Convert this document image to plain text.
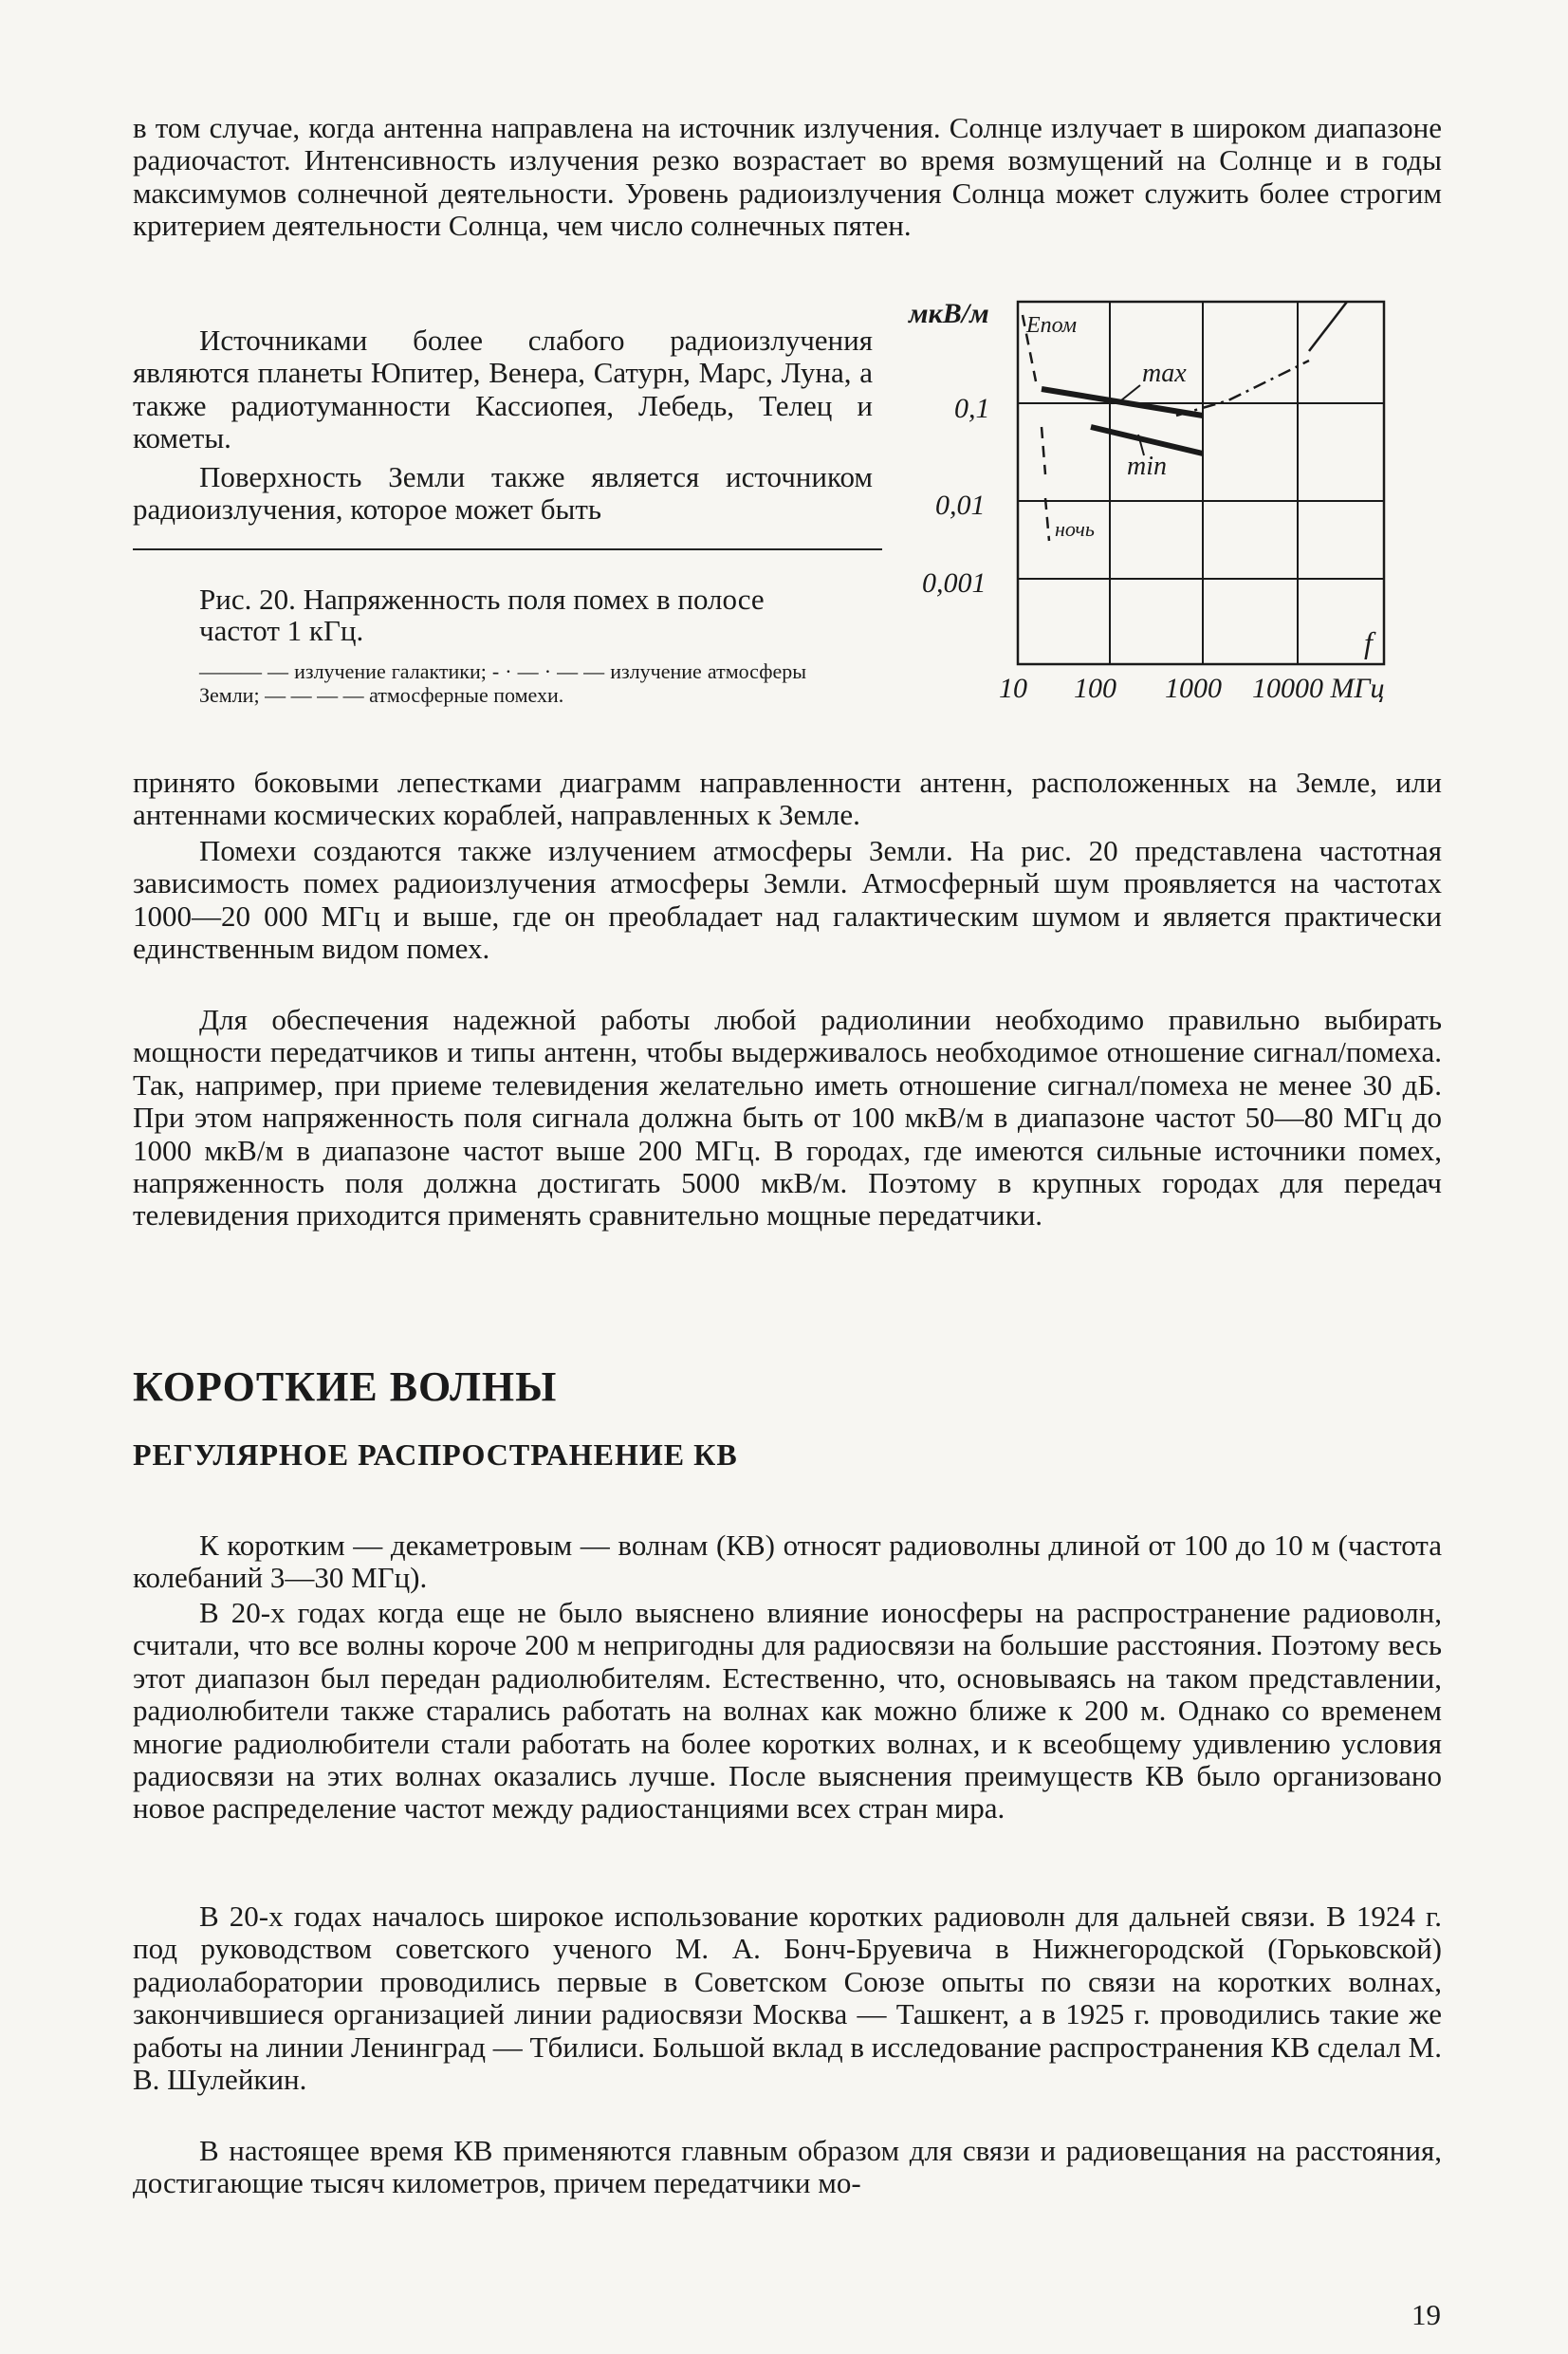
в том случае, когда антенна направлена на источник излучения. Солнце излучает в широком диапазоне радиочастот. Интенсивность излучения резко возрастает во время возмущений на Солнце и в годы максимумов солнечной деятельности. Уровень радиоизлучения Солнца может служить более строгим критерием деятельности Солнца, чем число солнечных пятен.

Источниками более слабого радиоизлучения являются планеты Юпитер, Венера, Сатурн, Марс, Луна, а также радиотуманности Кассиопея, Лебедь, Телец и кометы.

Поверхность Земли также является источником радиоизлучения, которое может быть

Рис. 20. Напряженность поля помех в полосе частот 1 кГц.

——— — излучение галактики; - · — · — — излучение атмосферы Земли; — — — — атмосферные помехи.

мкВ/м
0,1
0,01
0,001
10 100 1000 10000 МГц
f
Eпом
max
min
ночь

принято боковыми лепестками диаграмм направленности антенн, расположенных на Земле, или антеннами космических кораблей, направленных к Земле.

Помехи создаются также излучением атмосферы Земли. На рис. 20 представлена частотная зависимость помех радиоизлучения атмосферы Земли. Атмосферный шум проявляется на частотах 1000—20 000 МГц и выше, где он преобладает над галактическим шумом и является практически единственным видом помех.

Для обеспечения надежной работы любой радиолинии необходимо правильно выбирать мощности передатчиков и типы антенн, чтобы выдерживалось необходимое отношение сигнал/помеха. Так, например, при приеме телевидения желательно иметь отношение сигнал/помеха не менее 30 дБ. При этом напряженность поля сигнала должна быть от 100 мкВ/м в диапазоне частот 50—80 МГц до 1000 мкВ/м в диапазоне частот выше 200 МГц. В городах, где имеются сильные источники помех, напряженность поля должна достигать 5000 мкВ/м. Поэтому в крупных городах для передач телевидения приходится применять сравнительно мощные передатчики.

КОРОТКИЕ ВОЛНЫ
РЕГУЛЯРНОЕ РАСПРОСТРАНЕНИЕ КВ

К коротким — декаметровым — волнам (КВ) относят радиоволны длиной от 100 до 10 м (частота колебаний 3—30 МГц).

В 20-х годах когда еще не было выяснено влияние ионосферы на распространение радиоволн, считали, что все волны короче 200 м непригодны для радиосвязи на большие расстояния. Поэтому весь этот диапазон был передан радиолюбителям. Естественно, что, основываясь на таком представлении, радиолюбители также старались работать на волнах как можно ближе к 200 м. Однако со временем многие радиолюбители стали работать на более коротких волнах, и к всеобщему удивлению условия радиосвязи на этих волнах оказались лучше. После выяснения преимуществ КВ было организовано новое распределение частот между радиостанциями всех стран мира.

В 20-х годах началось широкое использование коротких радиоволн для дальней связи. В 1924 г. под руководством советского ученого М. А. Бонч-Бруевича в Нижнегородской (Горьковской) радиолаборатории проводились первые в Советском Союзе опыты по связи на коротких волнах, закончившиеся организацией линии радиосвязи Москва — Ташкент, а в 1925 г. проводились такие же работы на линии Ленинград — Тбилиси. Большой вклад в исследование распространения КВ сделал М. В. Шулейкин.

В настоящее время КВ применяются главным образом для связи и радиовещания на расстояния, достигающие тысяч километров, причем передатчики мо-

19
